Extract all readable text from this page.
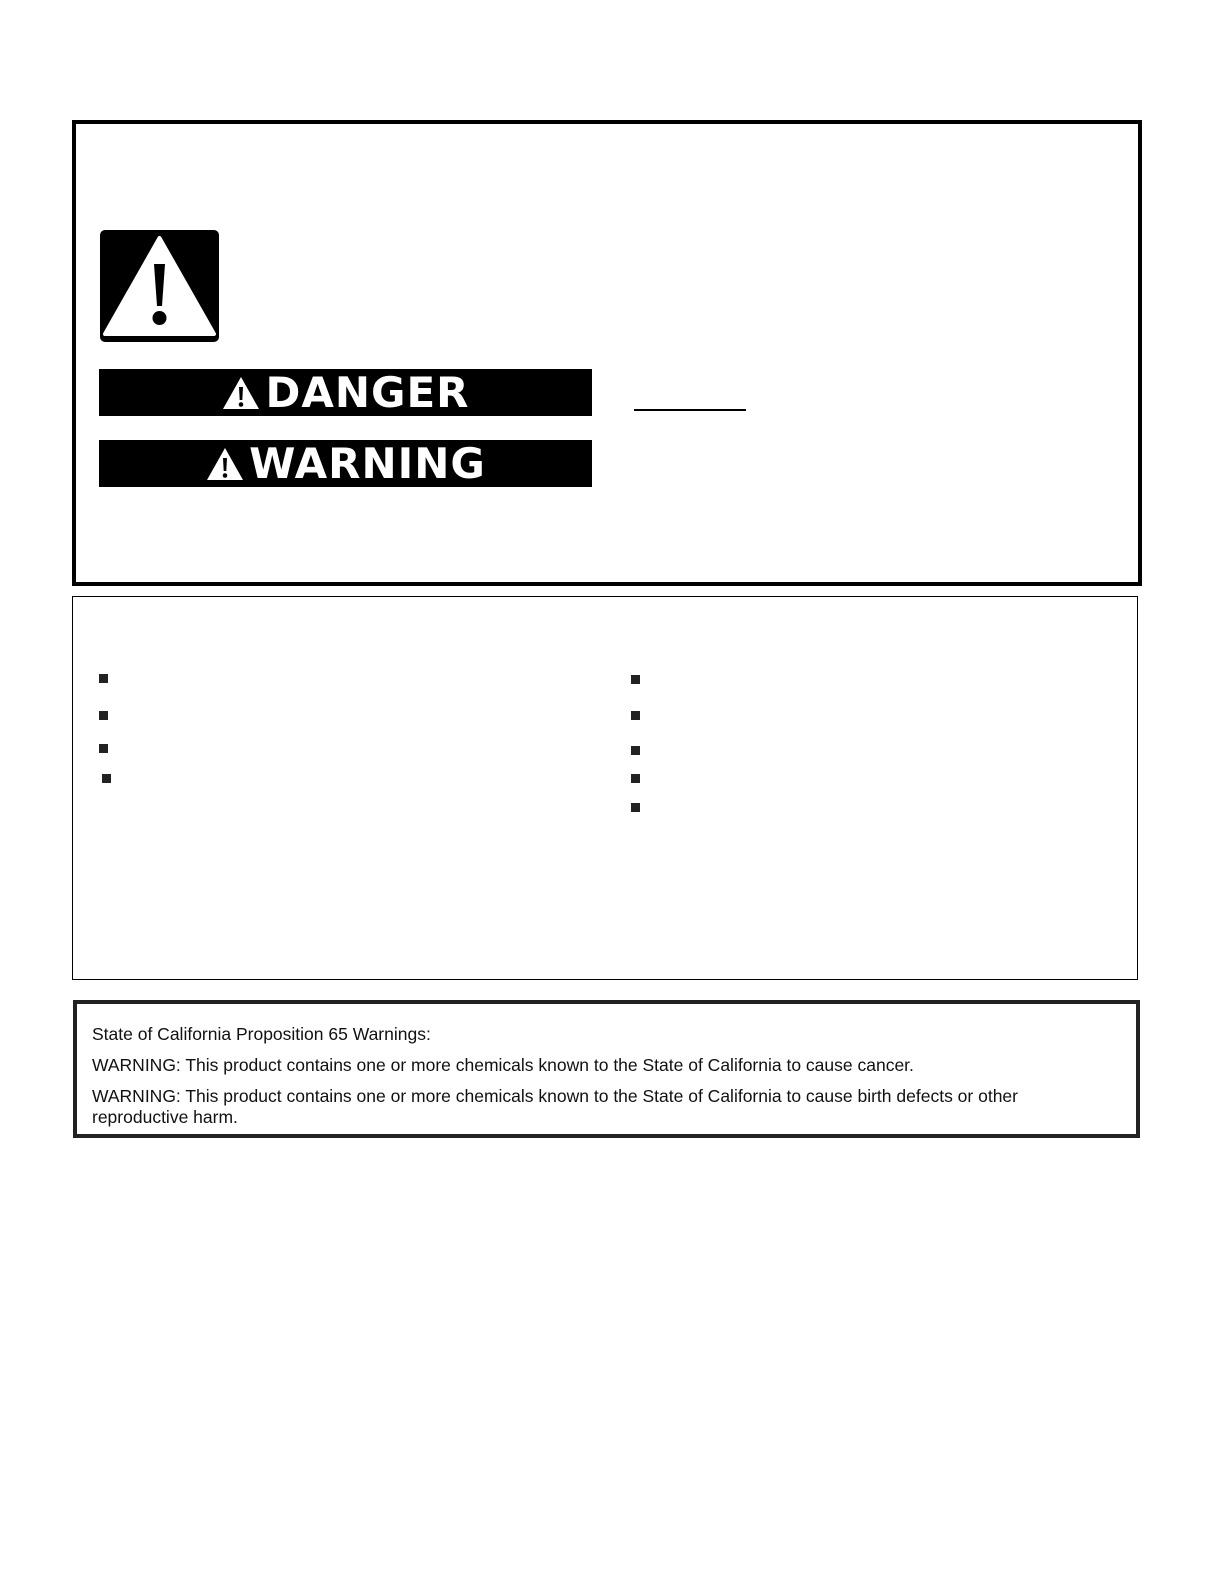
DANGER
WARNING

State of California Proposition 65 Warnings:

WARNING: This product contains one or more chemicals known to the State of California to cause cancer.

WARNING: This product contains one or more chemicals known to the State of California to cause birth defects or other reproductive harm.
